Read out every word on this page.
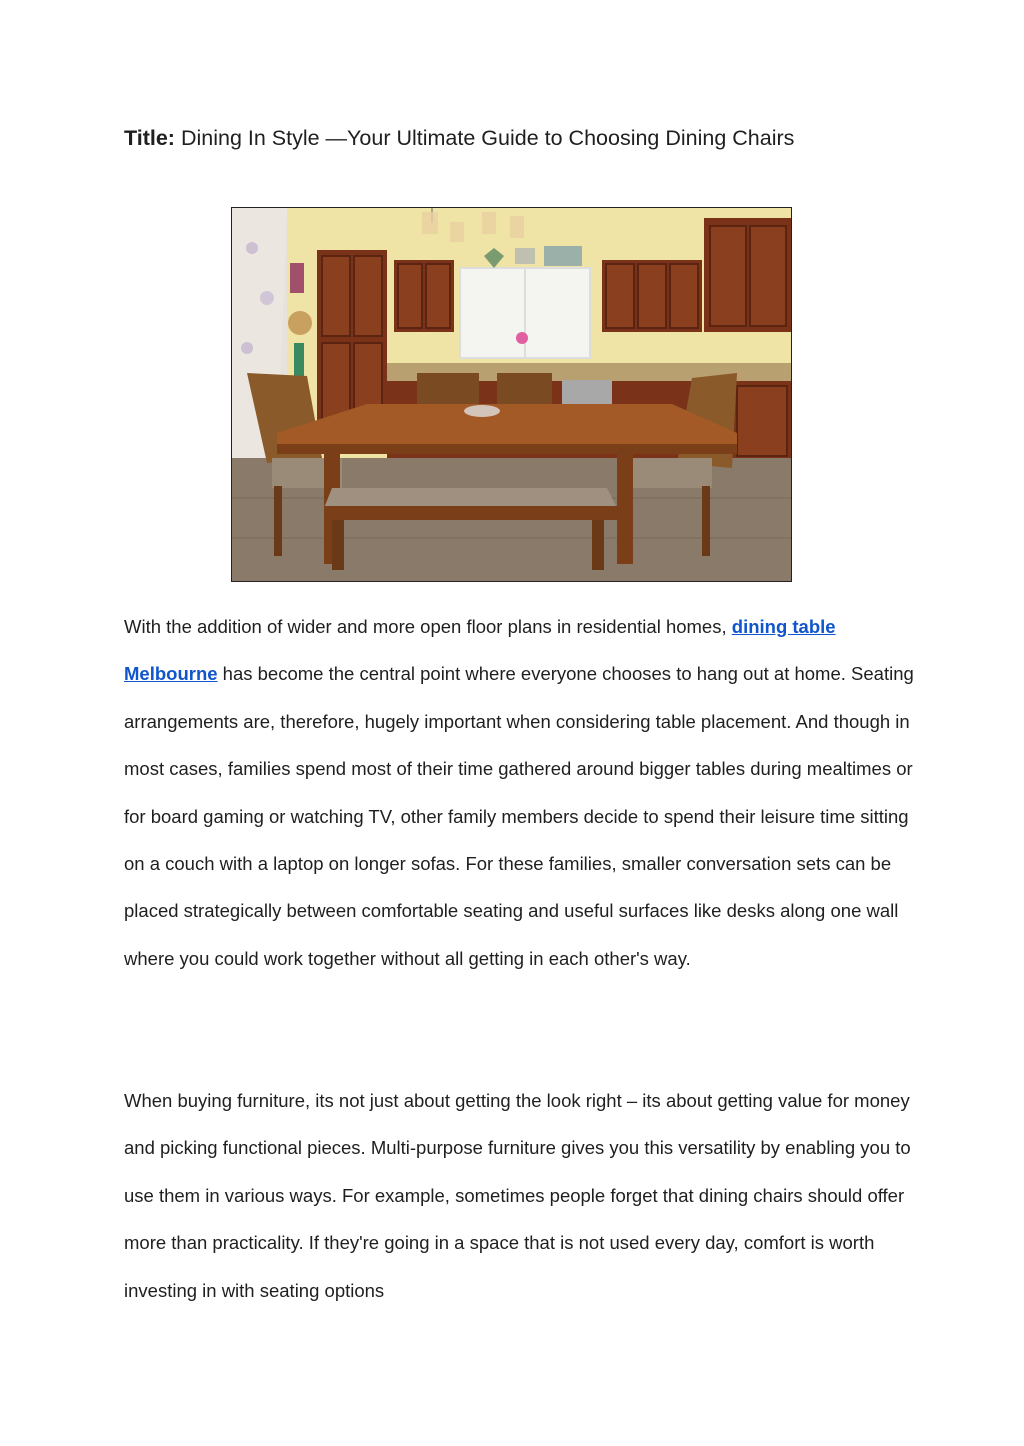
Title: Dining In Style —Your Ultimate Guide to Choosing Dining Chairs

With the addition of wider and more open floor plans in residential homes, dining table Melbourne has become the central point where everyone chooses to hang out at home. Seating arrangements are, therefore, hugely important when considering table placement. And though in most cases, families spend most of their time gathered around bigger tables during mealtimes or for board gaming or watching TV, other family members decide to spend their leisure time sitting on a couch with a laptop on longer sofas. For these families, smaller conversation sets can be placed strategically between comfortable seating and useful surfaces like desks along one wall where you could work together without all getting in each other's way.

When buying furniture, its not just about getting the look right – its about getting value for money and picking functional pieces. Multi-purpose furniture gives you this versatility by enabling you to use them in various ways. For example, sometimes people forget that dining chairs should offer more than practicality. If they're going in a space that is not used every day, comfort is worth investing in with seating options
